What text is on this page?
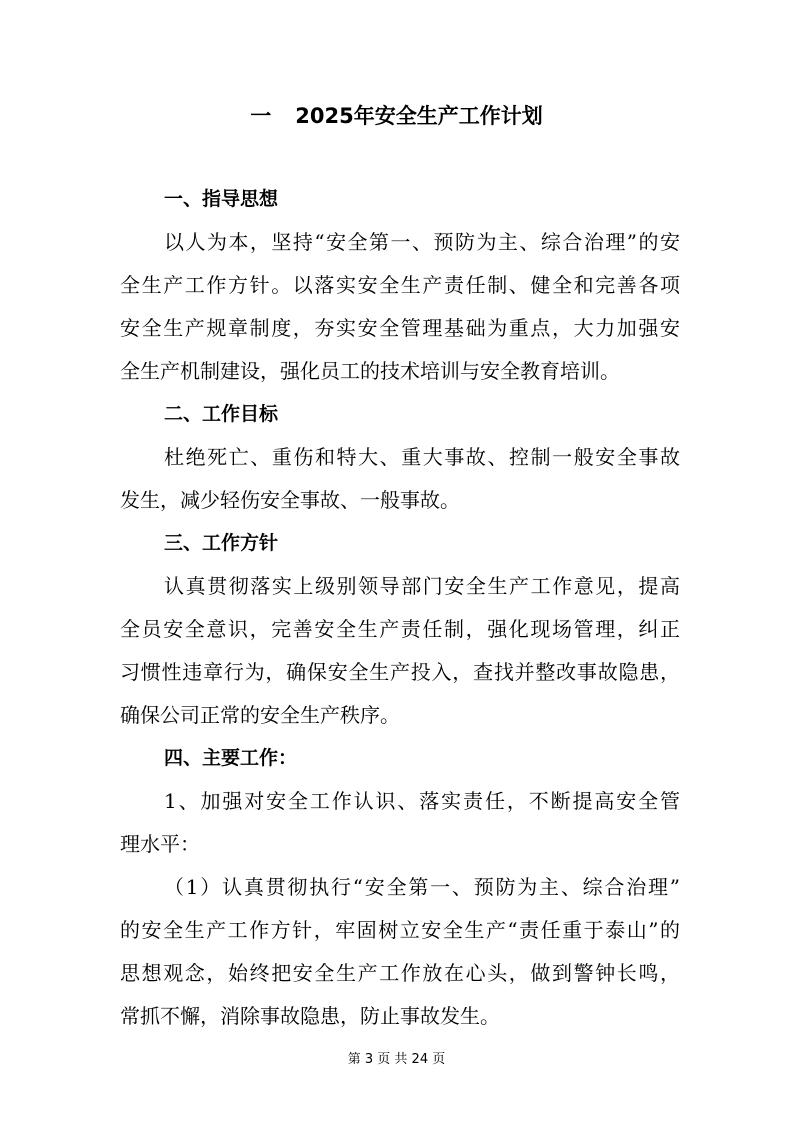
一 2025年安全生产工作计划
一、指导思想
以人为本，坚持“安全第一、预防为主、综合治理”的安
全生产工作方针。以落实安全生产责任制、健全和完善各项
安全生产规章制度，夯实安全管理基础为重点，大力加强安
全生产机制建设，强化员工的技术培训与安全教育培训。
二、工作目标
杜绝死亡、重伤和特大、重大事故、控制一般安全事故
发生，减少轻伤安全事故、一般事故。
三、工作方针
认真贯彻落实上级别领导部门安全生产工作意见，提高
全员安全意识，完善安全生产责任制，强化现场管理，纠正
习惯性违章行为，确保安全生产投入，查找并整改事故隐患，
确保公司正常的安全生产秩序。
四、主要工作：
1、加强对安全工作认识、落实责任，不断提高安全管
理水平：
（1）认真贯彻执行“安全第一、预防为主、综合治理”
的安全生产工作方针，牢固树立安全生产“责任重于泰山”的
思想观念，始终把安全生产工作放在心头，做到警钟长鸣，
常抓不懈，消除事故隐患，防止事故发生。
第 3 页 共 24 页
